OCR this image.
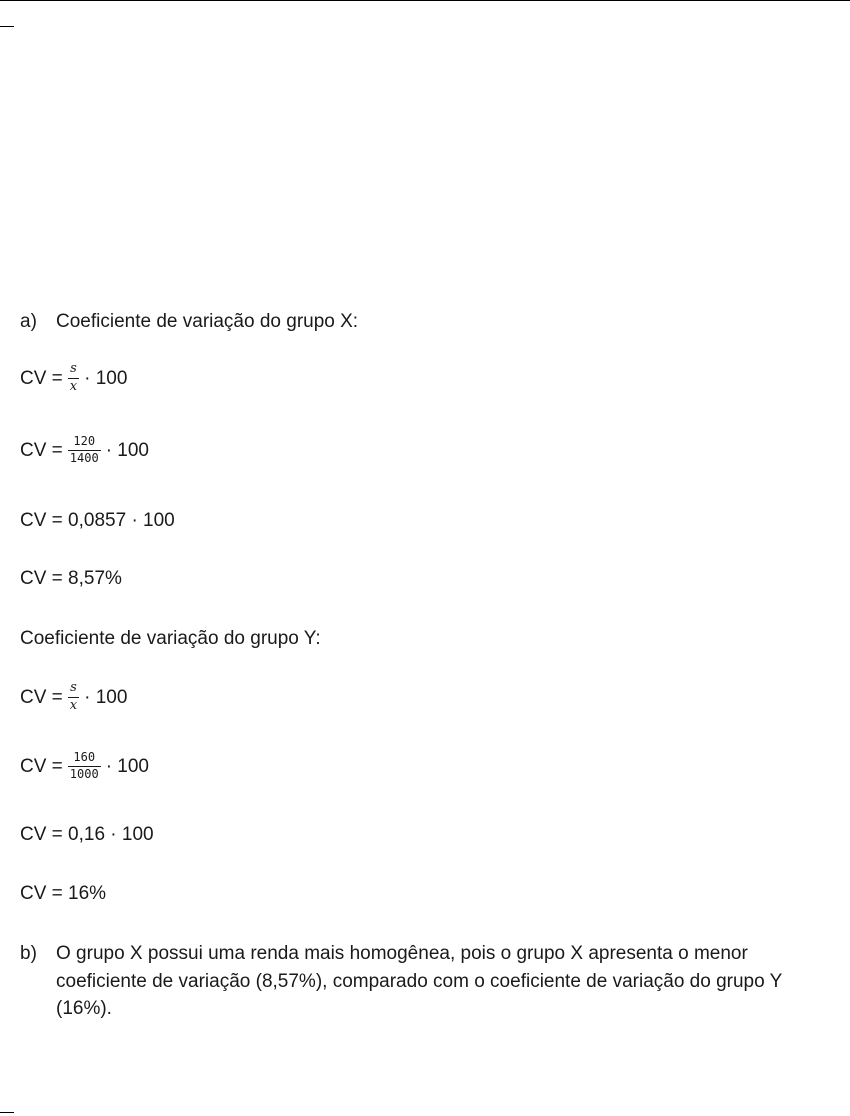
a)	Coeficiente de variação do grupo X:
CV = $\frac{s}{x} \cdot 100$
CV = $\frac{120}{1400} \cdot 100$
CV = 0,0857 · 100
CV = 8,57%
Coeficiente de variação do grupo Y:
CV = $\frac{s}{x} \cdot 100$
CV = $\frac{160}{1000} \cdot 100$
CV = 0,16 · 100
CV = 16%
b)	O grupo X possui uma renda mais homogênea, pois o grupo X apresenta o menor coeficiente de variação (8,57%), comparado com o coeficiente de variação do grupo Y (16%).
